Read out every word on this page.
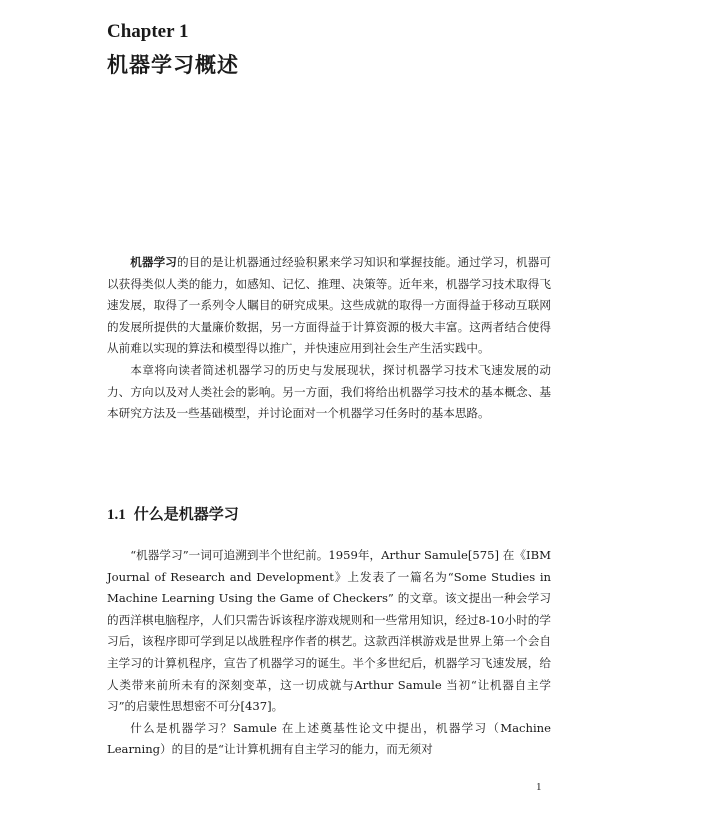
Chapter 1
机器学习概述

机器学习的目的是让机器通过经验积累来学习知识和掌握技能。通过学习，机器可以获得类似人类的能力，如感知、记忆、推理、决策等。近年来，机器学习技术取得飞速发展，取得了一系列令人瞩目的研究成果。这些成就的取得一方面得益于移动互联网的发展所提供的大量廉价数据，另一方面得益于计算资源的极大丰富。这两者结合使得从前难以实现的算法和模型得以推广，并快速应用到社会生产生活实践中。

本章将向读者简述机器学习的历史与发展现状，探讨机器学习技术飞速发展的动力、方向以及对人类社会的影响。另一方面，我们将给出机器学习技术的基本概念、基本研究方法及一些基础模型，并讨论面对一个机器学习任务时的基本思路。

1.1 什么是机器学习

“机器学习”一词可追溯到半个世纪前。1959年，Arthur Samule[575] 在《IBM Journal of Research and Development》上发表了一篇名为“Some Studies in Machine Learning Using the Game of Checkers” 的文章。该文提出一种会学习的西洋棋电脑程序，人们只需告诉该程序游戏规则和一些常用知识，经过8-10小时的学习后，该程序即可学到足以战胜程序作者的棋艺。这款西洋棋游戏是世界上第一个会自主学习的计算机程序，宣告了机器学习的诞生。半个多世纪后，机器学习飞速发展，给人类带来前所未有的深刻变革，这一切成就与Arthur Samule 当初“让机器自主学习”的启蒙性思想密不可分[437]。

什么是机器学习？Samule 在上述奠基性论文中提出，机器学习（Machine Learning）的目的是“让计算机拥有自主学习的能力，而无须对

1
